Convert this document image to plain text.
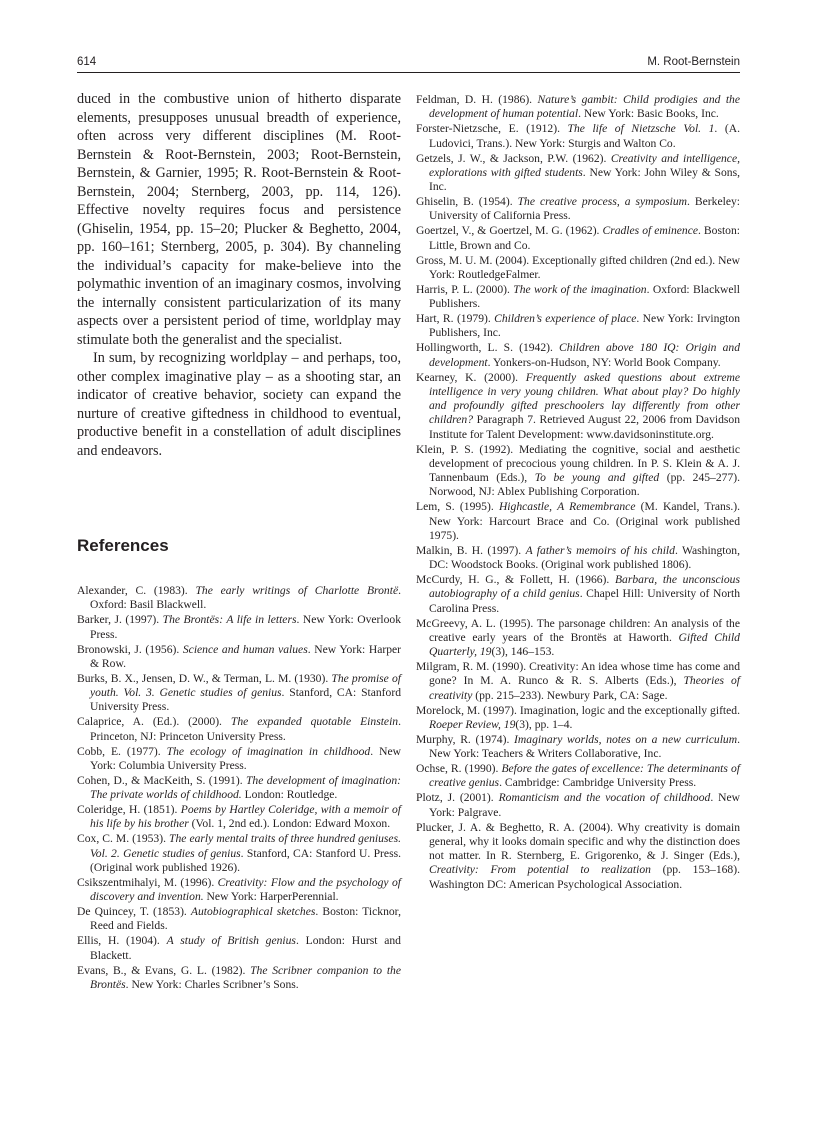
614	M. Root-Bernstein

duced in the combustive union of hitherto disparate elements, presupposes unusual breadth of experience, often across very different disciplines (M. Root-Bernstein & Root-Bernstein, 2003; Root-Bernstein, Bernstein, & Garnier, 1995; R. Root-Bernstein & Root-Bernstein, 2004; Sternberg, 2003, pp. 114, 126). Effective novelty requires focus and persistence (Ghiselin, 1954, pp. 15–20; Plucker & Beghetto, 2004, pp. 160–161; Sternberg, 2005, p. 304). By channeling the individual’s capacity for make-believe into the polymathic invention of an imaginary cosmos, involving the internally consistent particularization of its many aspects over a persistent period of time, worldplay may stimulate both the generalist and the specialist.

In sum, by recognizing worldplay – and perhaps, too, other complex imaginative play – as a shooting star, an indicator of creative behavior, society can expand the nurture of creative giftedness in childhood to eventual, productive benefit in a constellation of adult disciplines and endeavors.

References
Alexander, C. (1983). The early writings of Charlotte Brontë. Oxford: Basil Blackwell.
Barker, J. (1997). The Brontës: A life in letters. New York: Overlook Press.
Bronowski, J. (1956). Science and human values. New York: Harper & Row.
Burks, B. X., Jensen, D. W., & Terman, L. M. (1930). The promise of youth. Vol. 3. Genetic studies of genius. Stanford, CA: Stanford University Press.
Calaprice, A. (Ed.). (2000). The expanded quotable Einstein. Princeton, NJ: Princeton University Press.
Cobb, E. (1977). The ecology of imagination in childhood. New York: Columbia University Press.
Cohen, D., & MacKeith, S. (1991). The development of imagination: The private worlds of childhood. London: Routledge.
Coleridge, H. (1851). Poems by Hartley Coleridge, with a memoir of his life by his brother (Vol. 1, 2nd ed.). London: Edward Moxon.
Cox, C. M. (1953). The early mental traits of three hundred geniuses. Vol. 2. Genetic studies of genius. Stanford, CA: Stanford U. Press. (Original work published 1926).
Csikszentmihalyi, M. (1996). Creativity: Flow and the psychology of discovery and invention. New York: HarperPerennial.
De Quincey, T. (1853). Autobiographical sketches. Boston: Ticknor, Reed and Fields.
Ellis, H. (1904). A study of British genius. London: Hurst and Blackett.
Evans, B., & Evans, G. L. (1982). The Scribner companion to the Brontës. New York: Charles Scribner’s Sons.
Feldman, D. H. (1986). Nature’s gambit: Child prodigies and the development of human potential. New York: Basic Books, Inc.
Forster-Nietzsche, E. (1912). The life of Nietzsche Vol. 1. (A. Ludovici, Trans.). New York: Sturgis and Walton Co.
Getzels, J. W., & Jackson, P.W. (1962). Creativity and intelligence, explorations with gifted students. New York: John Wiley & Sons, Inc.
Ghiselin, B. (1954). The creative process, a symposium. Berkeley: University of California Press.
Goertzel, V., & Goertzel, M. G. (1962). Cradles of eminence. Boston: Little, Brown and Co.
Gross, M. U. M. (2004). Exceptionally gifted children (2nd ed.). New York: RoutledgeFalmer.
Harris, P. L. (2000). The work of the imagination. Oxford: Blackwell Publishers.
Hart, R. (1979). Children’s experience of place. New York: Irvington Publishers, Inc.
Hollingworth, L. S. (1942). Children above 180 IQ: Origin and development. Yonkers-on-Hudson, NY: World Book Company.
Kearney, K. (2000). Frequently asked questions about extreme intelligence in very young children. What about play? Do highly and profoundly gifted preschoolers lay differently from other children? Paragraph 7. Retrieved August 22, 2006 from Davidson Institute for Talent Development: www.davidsoninstitute.org.
Klein, P. S. (1992). Mediating the cognitive, social and aesthetic development of precocious young children. In P. S. Klein & A. J. Tannenbaum (Eds.), To be young and gifted (pp. 245–277). Norwood, NJ: Ablex Publishing Corporation.
Lem, S. (1995). Highcastle, A Remembrance (M. Kandel, Trans.). New York: Harcourt Brace and Co. (Original work published 1975).
Malkin, B. H. (1997). A father’s memoirs of his child. Washington, DC: Woodstock Books. (Original work published 1806).
McCurdy, H. G., & Follett, H. (1966). Barbara, the unconscious autobiography of a child genius. Chapel Hill: University of North Carolina Press.
McGreevy, A. L. (1995). The parsonage children: An analysis of the creative early years of the Brontës at Haworth. Gifted Child Quarterly, 19(3), 146–153.
Milgram, R. M. (1990). Creativity: An idea whose time has come and gone? In M. A. Runco & R. S. Alberts (Eds.), Theories of creativity (pp. 215–233). Newbury Park, CA: Sage.
Morelock, M. (1997). Imagination, logic and the exceptionally gifted. Roeper Review, 19(3), pp. 1–4.
Murphy, R. (1974). Imaginary worlds, notes on a new curriculum. New York: Teachers & Writers Collaborative, Inc.
Ochse, R. (1990). Before the gates of excellence: The determinants of creative genius. Cambridge: Cambridge University Press.
Plotz, J. (2001). Romanticism and the vocation of childhood. New York: Palgrave.
Plucker, J. A. & Beghetto, R. A. (2004). Why creativity is domain general, why it looks domain specific and why the distinction does not matter. In R. Sternberg, E. Grigorenko, & J. Singer (Eds.), Creativity: From potential to realization (pp. 153–168). Washington DC: American Psychological Association.
